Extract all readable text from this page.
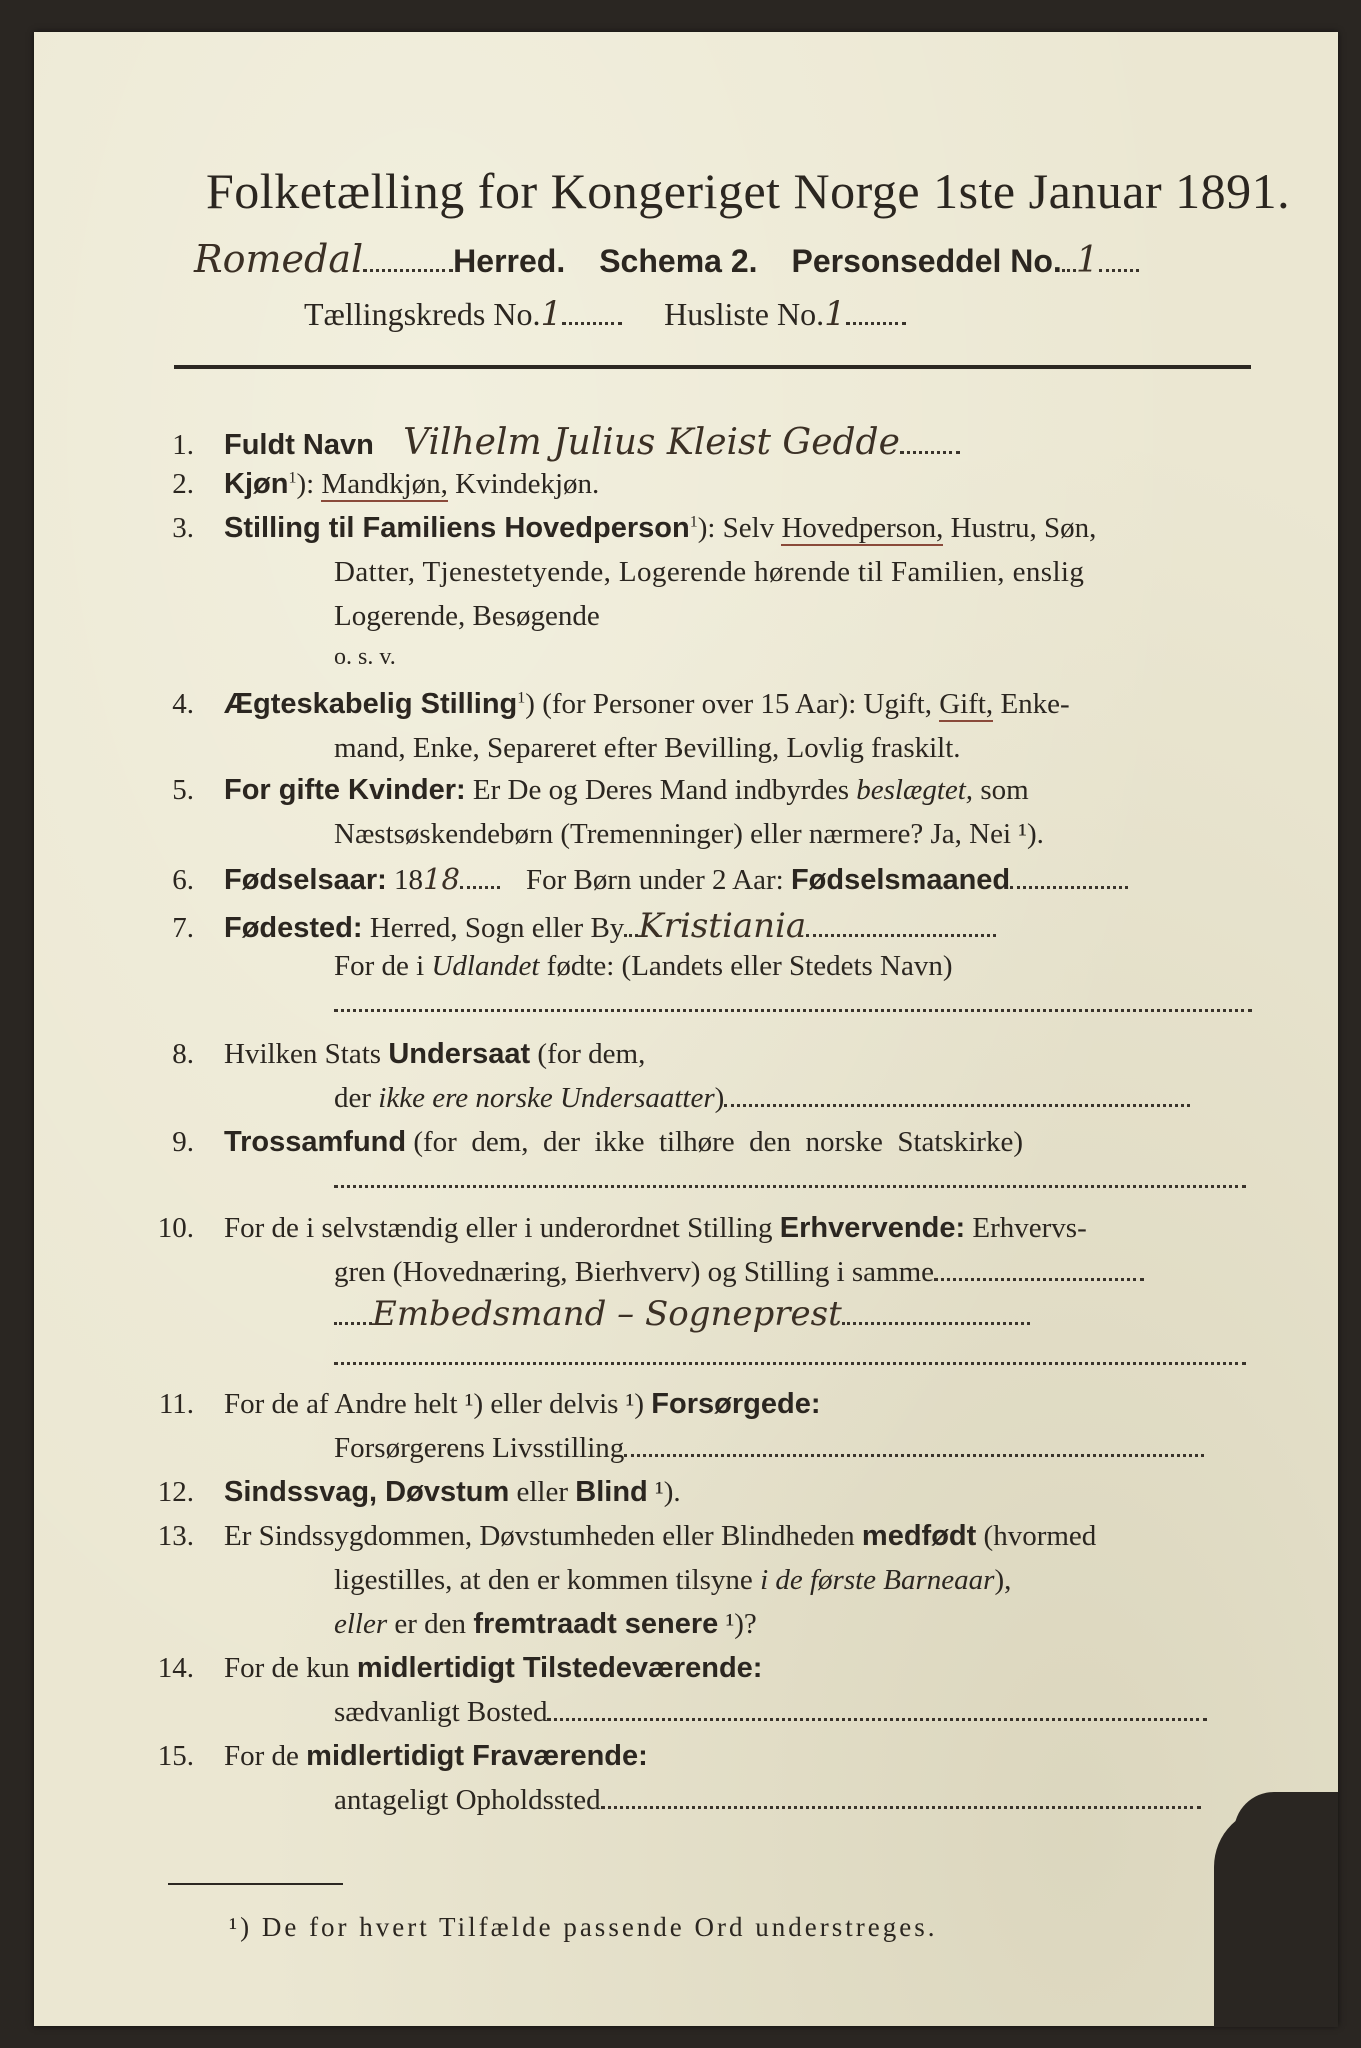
Folketælling for Kongeriget Norge 1ste Januar 1891.
Romedal	Herred. Schema 2. Personseddel No. 1
Tællingskreds No.1	Husliste No.1
1. Fuldt Navn Vilhelm Julius Kleist Gedde
2. Kjøn$^1$): Mandkjøn, Kvindekjøn.
3. Stilling til Familiens Hovedperson$^1$): Selv Hovedperson, Hustru, Søn,
Datter, Tjenestetyende, Logerende hørende til Familien, enslig
Logerende, Besøgende
o. s. v.
4. Ægteskabelig Stilling$^1$) (for Personer over 15 Aar): Ugift, Gift, Enke-
mand, Enke, Separeret efter Bevilling, Lovlig fraskilt.
5. For gifte Kvinder: Er De og Deres Mand indbyrdes beslægtet, som
Næstsøskendebørn (Tremenninger) eller nærmere? Ja, Nei ¹).
6. Fødselsaar: 1818 For Børn under 2 Aar: Fødselsmaaned
7. Fødested: Herred, Sogn eller By Kristiania
For de i Udlandet fødte: (Landets eller Stedets Navn)
8. Hvilken Stats Undersaat (for dem,
der ikke ere norske Undersaatter)
9. Trossamfund (for  dem,  der  ikke  tilhøre  den  norske  Statskirke)
10. For de i selvstændig eller i underordnet Stilling Erhvervende: Erhvervs-
gren (Hovednæring, Bierhverv) og Stilling i samme
Embedsmand – Sogneprest
11. For de af Andre helt ¹) eller delvis ¹) Forsørgede:
Forsørgerens Livsstilling
12. Sindssvag, Døvstum eller Blind ¹).
13. Er Sindssygdommen, Døvstumheden eller Blindheden medfødt (hvormed
ligestilles, at den er kommen tilsyne i de første Barneaar),
eller er den fremtraadt senere ¹)?
14. For de kun midlertidigt Tilstedeværende:
sædvanligt Bosted
15. For de midlertidigt Fraværende:
antageligt Opholdssted
¹) De for hvert Tilfælde passende Ord understreges.
